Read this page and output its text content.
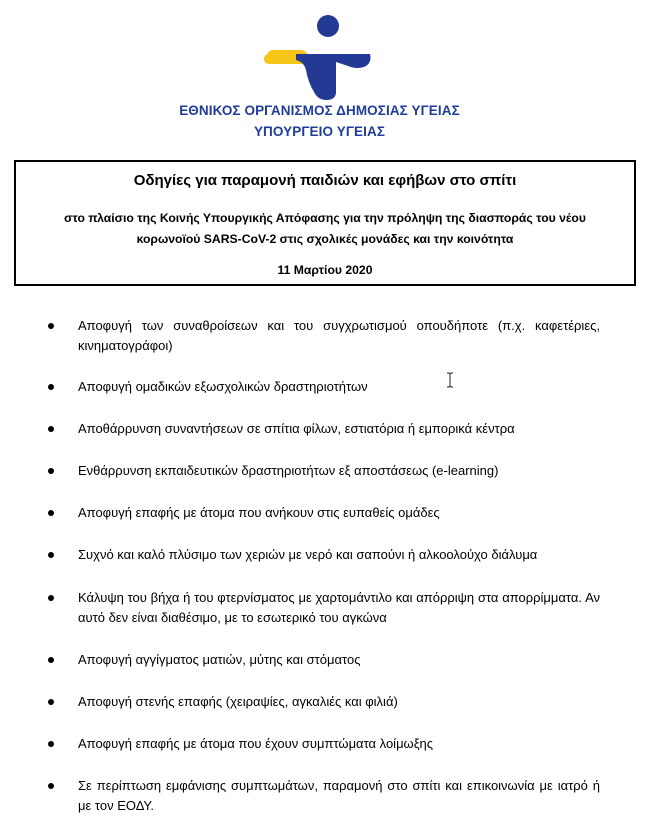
ΕΘΝΙΚΟΣ ΟΡΓΑΝΙΣΜΟΣ ΔΗΜΟΣΙΑΣ ΥΓΕΙΑΣ
ΥΠΟΥΡΓΕΙΟ ΥΓΕΙΑΣ
Οδηγίες για παραμονή παιδιών και εφήβων στο σπίτι
στο πλαίσιο της Κοινής Υπουργικής Απόφασης για την πρόληψη της διασποράς του νέου
κορωνοϊού SARS-CoV-2 στις σχολικές μονάδες και την κοινότητα
11 Μαρτίου 2020
Αποφυγή των συναθροίσεων και του συγχρωτισμού οπουδήποτε (π.χ. καφετέριες, κινηματογράφοι)
Αποφυγή ομαδικών εξωσχολικών δραστηριοτήτων
Αποθάρρυνση συναντήσεων σε σπίτια φίλων, εστιατόρια ή εμπορικά κέντρα
Ενθάρρυνση εκπαιδευτικών δραστηριοτήτων εξ αποστάσεως (e-learning)
Αποφυγή επαφής με άτομα που ανήκουν στις ευπαθείς ομάδες
Συχνό και καλό πλύσιμο των χεριών με νερό και σαπούνι ή αλκοολούχο διάλυμα
Κάλυψη του βήχα ή του φτερνίσματος με χαρτομάντιλο και απόρριψη στα απορρίμματα. Αν αυτό δεν είναι διαθέσιμο, με το εσωτερικό του αγκώνα
Αποφυγή αγγίγματος ματιών, μύτης και στόματος
Αποφυγή στενής επαφής (χειραψίες, αγκαλιές και φιλιά)
Αποφυγή επαφής με άτομα που έχουν συμπτώματα λοίμωξης
Σε περίπτωση εμφάνισης συμπτωμάτων, παραμονή στο σπίτι και επικοινωνία με ιατρό ή με τον ΕΟΔΥ.
